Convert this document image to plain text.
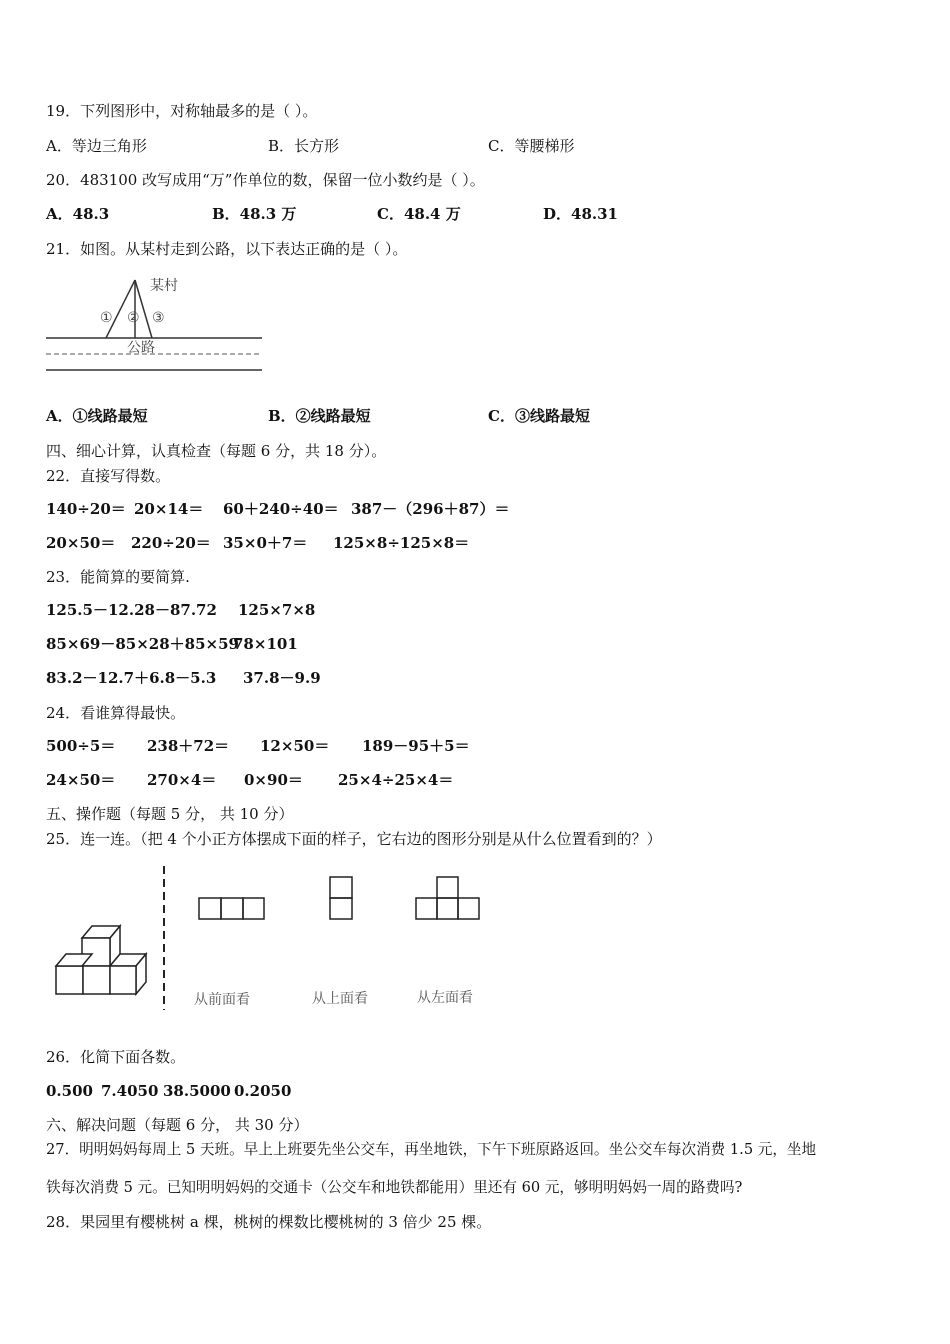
19．下列图形中，对称轴最多的是（ ）。
A．等边三角形	B．长方形	C．等腰梯形
20．483100 改写成用“万”作单位的数，保留一位小数约是（ ）。
A．48.3	B．48.3 万	C．48.4 万	D．48.31
21．如图。从某村走到公路，以下表达正确的是（ ）。
某村
公路
① ② ③
A．①线路最短	B．②线路最短	C．③线路最短
四、细心计算，认真检查（每题 6 分，共 18 分）。
22．直接写得数。
140÷20＝ 20×14＝ 60＋240÷40＝ 387－（296＋87）＝
20×50＝ 220÷20＝ 35×0＋7＝ 125×8÷125×8＝
23．能简算的要简算.
125.5－12.28－87.72 125×7×8
85×69－85×28＋85×59
78×101
83.2－12.7＋6.8－5.3 37.8－9.9
24．看谁算得最快。
500÷5＝ 238＋72＝ 12×50＝ 189－95＋5＝
24×50＝ 270×4＝ 0×90＝ 25×4÷25×4＝
五、操作题（每题 5 分， 共 10 分）
25．连一连。（把 4 个小正方体摆成下面的样子，它右边的图形分别是从什么位置看到的？）
从前面看	从上面看	从左面看
26．化简下面各数。
0.500 7.4050 38.5000 0.2050
六、解决问题（每题 6 分， 共 30 分）
27．明明妈妈每周上 5 天班。早上上班要先坐公交车，再坐地铁，下午下班原路返回。坐公交车每次消费 1.5 元，坐地
铁每次消费 5 元。已知明明妈妈的交通卡（公交车和地铁都能用）里还有 60 元，够明明妈妈一周的路费吗?
28．果园里有樱桃树 a 棵，桃树的棵数比樱桃树的 3 倍少 25 棵。
